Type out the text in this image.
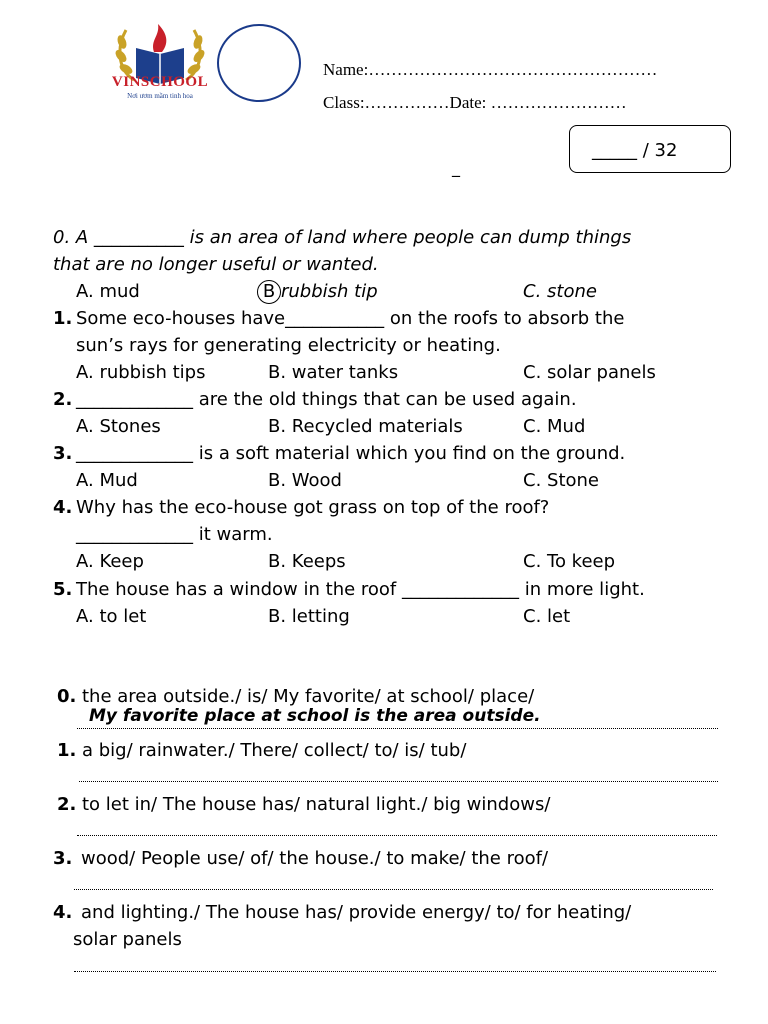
VINSCHOOL
Nơi ươm mầm tinh hoa
Name:……………………………………………
Class:……………Date: ……………………
_____ / 32
_
0. A __________ is an area of land where people can dump things
that are no longer useful or wanted.
A. mud	B rubbish tip	C. stone
1. Some eco-houses have___________ on the roofs to absorb the
sun’s rays for generating electricity or heating.
A. rubbish tips	B. water tanks	C. solar panels
2. _____________ are the old things that can be used again.
A. Stones	B. Recycled materials	C. Mud
3. _____________ is a soft material which you find on the ground.
A. Mud	B. Wood	C. Stone
4. Why has the eco-house got grass on top of the roof?
_____________ it warm.
A. Keep	B. Keeps	C. To keep
5. The house has a window in the roof _____________ in more light.
A. to let	B. letting	C. let
0. the area outside./ is/ My favorite/ at school/ place/
My favorite place at school is the area outside.
1. a big/ rainwater./ There/ collect/ to/ is/ tub/
2. to let in/ The house has/ natural light./ big windows/
3. wood/ People use/ of/ the house./ to make/ the roof/
4. and lighting./ The house has/ provide energy/ to/ for heating/
solar panels
